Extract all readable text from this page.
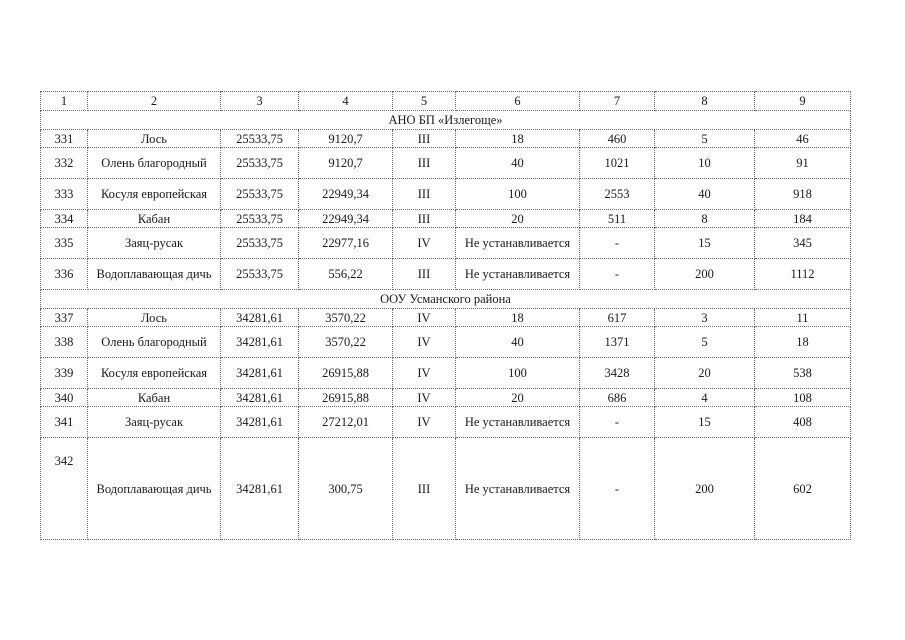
1	2	3	4	5	6	7	8	9
АНО БП «Излегоще»								
331	Лось	25533,75	9120,7	III	18	460	5	46
332	Олень благородный	25533,75	9120,7	III	40	1021	10	91
333	Косуля европейская	25533,75	22949,34	III	100	2553	40	918
334	Кабан	25533,75	22949,34	III	20	511	8	184
335	Заяц-русак	25533,75	22977,16	IV	Не устанавливается	-	15	345
336	Водоплавающая дичь	25533,75	556,22	III	Не устанавливается	-	200	1112
ООУ Усманского района								
337	Лось	34281,61	3570,22	IV	18	617	3	11
338	Олень благородный	34281,61	3570,22	IV	40	1371	5	18
339	Косуля европейская	34281,61	26915,88	IV	100	3428	20	538
340	Кабан	34281,61	26915,88	IV	20	686	4	108
341	Заяц-русак	34281,61	27212,01	IV	Не устанавливается	-	15	408
342	Водоплавающая дичь	34281,61	300,75	III	Не устанавливается	-	200	602
